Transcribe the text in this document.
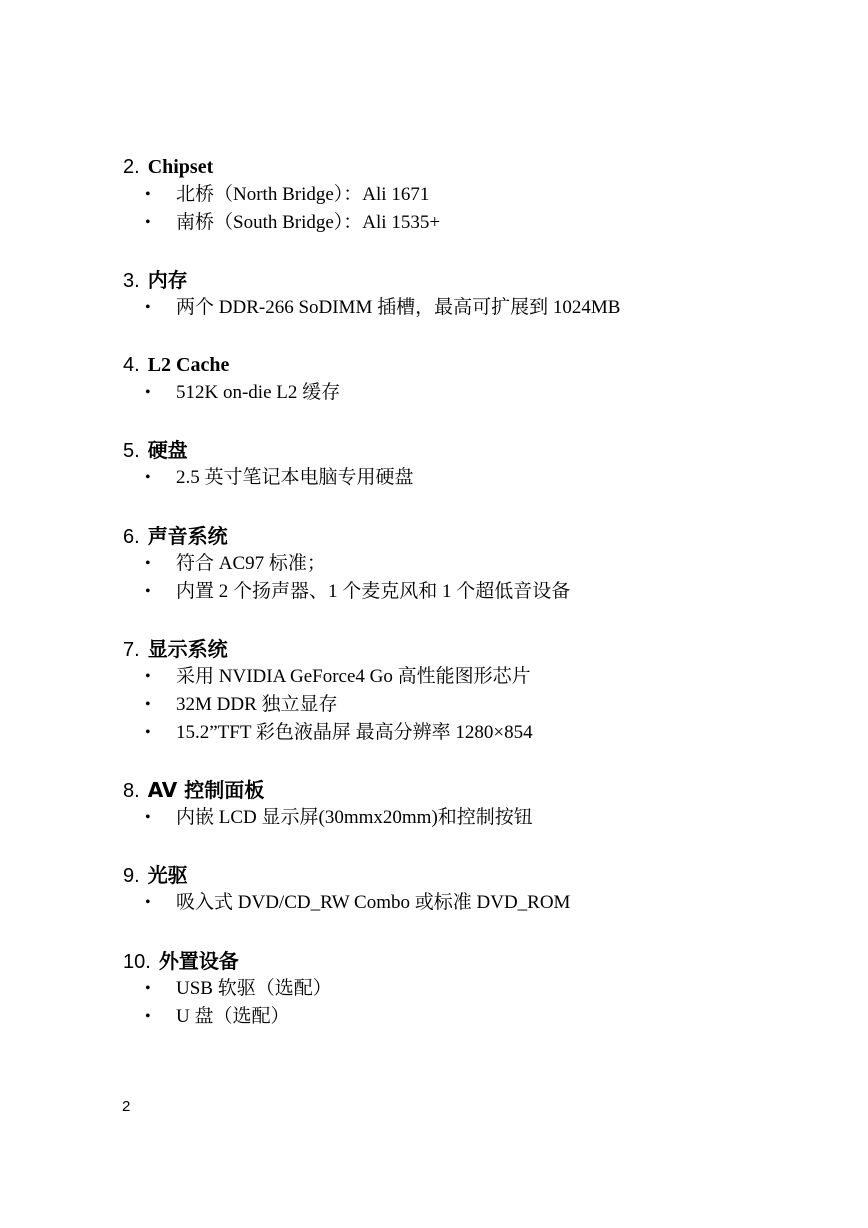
2. Chipset
• 北桥（North Bridge）：Ali 1671
• 南桥（South Bridge）：Ali 1535+
3. 内存
• 两个 DDR-266 SoDIMM 插槽，最高可扩展到 1024MB
4. L2 Cache
• 512K on-die L2 缓存
5. 硬盘
• 2.5 英寸笔记本电脑专用硬盘
6. 声音系统
• 符合 AC97 标准；
• 内置 2 个扬声器、1 个麦克风和 1 个超低音设备
7. 显示系统
• 采用 NVIDIA GeForce4 Go 高性能图形芯片
• 32M DDR 独立显存
• 15.2”TFT 彩色液晶屏 最高分辨率 1280×854
8. AV 控制面板
• 内嵌 LCD 显示屏(30mmx20mm)和控制按钮
9. 光驱
• 吸入式 DVD/CD_RW Combo 或标准 DVD_ROM
10. 外置设备
• USB 软驱（选配）
• U 盘（选配）
2
